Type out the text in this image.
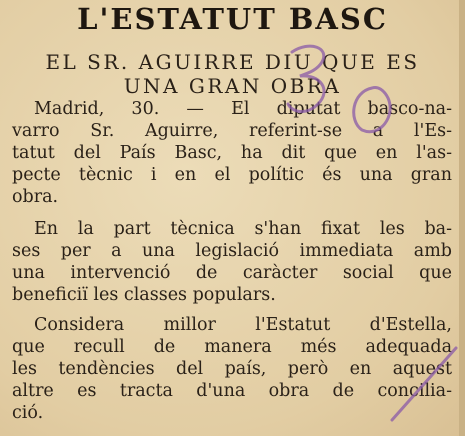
L'ESTATUT BASC
EL SR. AGUIRRE DIU QUE ES
UNA GRAN OBRA
Madrid, 30. — El diputat basco-na-
varro Sr. Aguirre, referint-se a l'Es-
tatut del País Basc, ha dit que en l'as-
pecte tècnic i en el polític és una gran
obra.
En la part tècnica s'han fixat les ba-
ses per a una legislació immediata amb
una intervenció de caràcter social que
beneficiï les classes populars.
Considera millor l'Estatut d'Estella,
que recull de manera més adequada
les tendències del país, però en aquest
altre es tracta d'una obra de concilia-
ció.
